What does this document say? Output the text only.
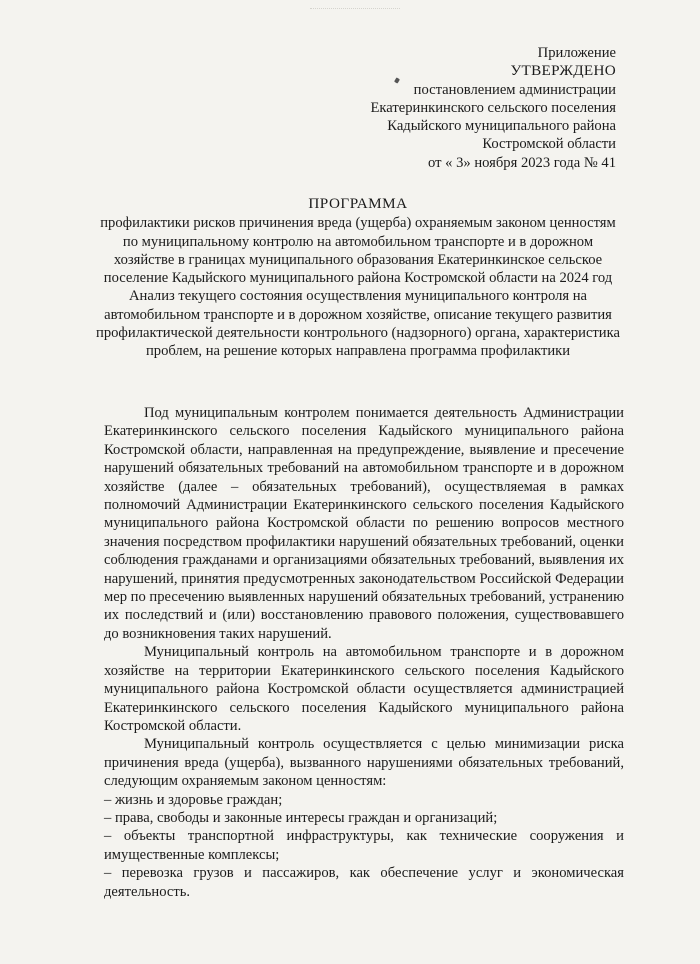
Приложение
УТВЕРЖДЕНО
постановлением администрации
Екатеринкинского сельского поселения
Кадыйского муниципального района
Костромской области
от « 3» ноября 2023 года № 41
ПРОГРАММА
профилактики рисков причинения вреда (ущерба) охраняемым законом ценностям по муниципальному контролю на автомобильном транспорте и в дорожном хозяйстве в границах муниципального образования Екатеринкинское сельское поселение Кадыйского муниципального района Костромской области на 2024 год
Анализ текущего состояния осуществления муниципального контроля на автомобильном транспорте и в дорожном хозяйстве, описание текущего развития профилактической деятельности контрольного (надзорного) органа, характеристика проблем, на решение которых направлена программа профилактики

Под муниципальным контролем понимается деятельность Администрации Екатеринкинского сельского поселения Кадыйского муниципального района Костромской области, направленная на предупреждение, выявление и пресечение нарушений обязательных требований на автомобильном транспорте и в дорожном хозяйстве (далее – обязательных требований), осуществляемая в рамках полномочий Администрации Екатеринкинского сельского поселения Кадыйского муниципального района Костромской области по решению вопросов местного значения посредством профилактики нарушений обязательных требований, оценки соблюдения гражданами и организациями обязательных требований, выявления их нарушений, принятия предусмотренных законодательством Российской Федерации мер по пресечению выявленных нарушений обязательных требований, устранению их последствий и (или) восстановлению правового положения, существовавшего до возникновения таких нарушений.

Муниципальный контроль на автомобильном транспорте и в дорожном хозяйстве на территории Екатеринкинского сельского поселения Кадыйского муниципального района Костромской области осуществляется администрацией Екатеринкинского сельского поселения Кадыйского муниципального района Костромской области.

Муниципальный контроль осуществляется с целью минимизации риска причинения вреда (ущерба), вызванного нарушениями обязательных требований, следующим охраняемым законом ценностям:

– жизнь и здоровье граждан;

– права, свободы и законные интересы граждан и организаций;

– объекты транспортной инфраструктуры, как технические сооружения и имущественные комплексы;

– перевозка грузов и пассажиров, как обеспечение услуг и экономическая деятельность.
